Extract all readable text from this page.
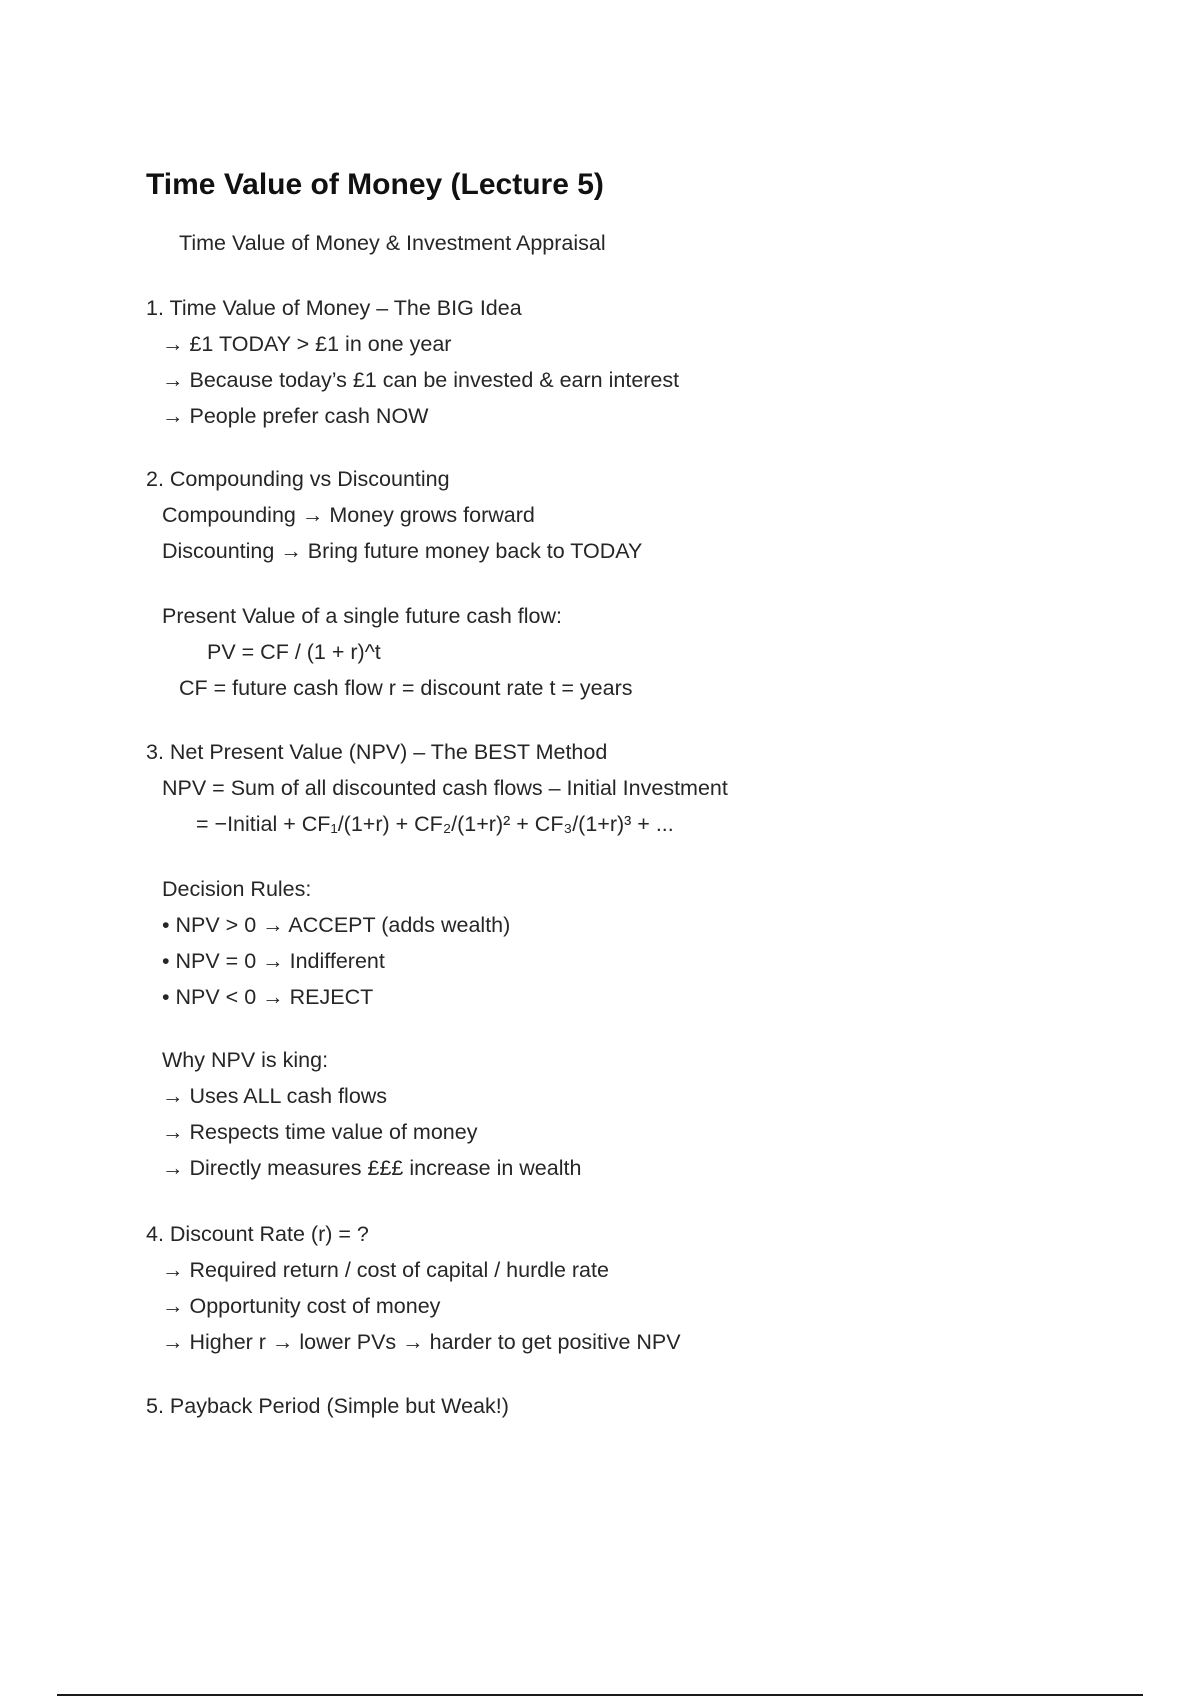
Time Value of Money (Lecture 5)
Time Value of Money & Investment Appraisal
1. Time Value of Money – The BIG Idea
→ £1 TODAY > £1 in one year
→ Because today’s £1 can be invested & earn interest
→ People prefer cash NOW
2. Compounding vs Discounting
Compounding → Money grows forward
Discounting → Bring future money back to TODAY
Present Value of a single future cash flow:
PV = CF / (1 + r)^t
CF = future cash flow r = discount rate t = years
3. Net Present Value (NPV) – The BEST Method
NPV = Sum of all discounted cash flows – Initial Investment
= −Initial + CF₁/(1+r) + CF₂/(1+r)² + CF₃/(1+r)³ + ...
Decision Rules:
• NPV > 0 → ACCEPT (adds wealth)
• NPV = 0 → Indifferent
• NPV < 0 → REJECT
Why NPV is king:
→ Uses ALL cash flows
→ Respects time value of money
→ Directly measures £££ increase in wealth
4. Discount Rate (r) = ?
→ Required return / cost of capital / hurdle rate
→ Opportunity cost of money
→ Higher r → lower PVs → harder to get positive NPV
5. Payback Period (Simple but Weak!)
